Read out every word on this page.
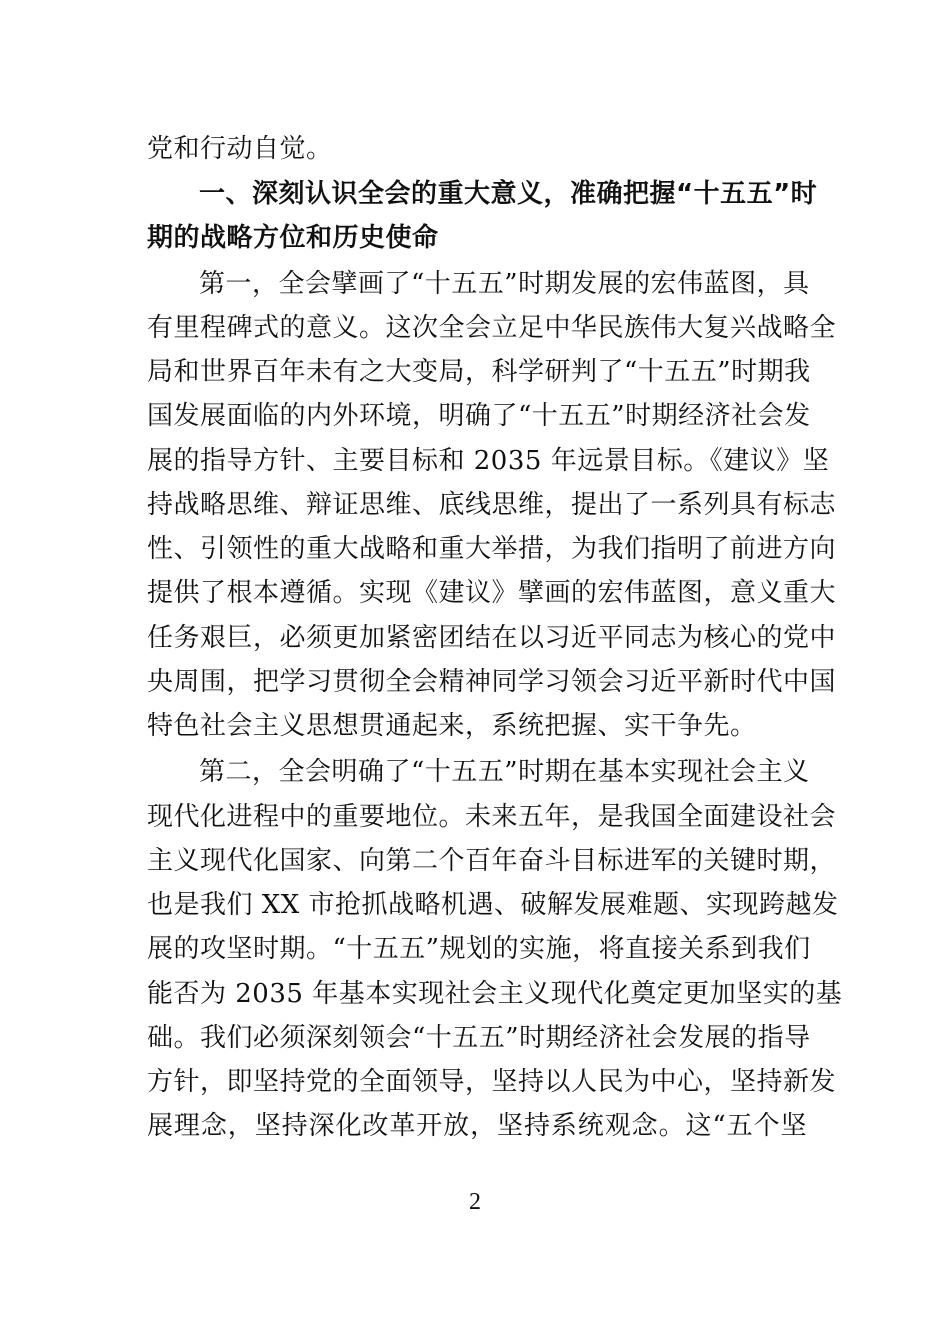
党和行动自觉。
一、深刻认识全会的重大意义，准确把握“十五五”时
期的战略方位和历史使命
第一，全会擘画了“十五五”时期发展的宏伟蓝图，具
有里程碑式的意义。这次全会立足中华民族伟大复兴战略全
局和世界百年未有之大变局，科学研判了“十五五”时期我
国发展面临的内外环境，明确了“十五五”时期经济社会发
展的指导方针、主要目标和 2035 年远景目标。《建议》坚
持战略思维、辩证思维、底线思维，提出了一系列具有标志
性、引领性的重大战略和重大举措，为我们指明了前进方向
提供了根本遵循。实现《建议》擘画的宏伟蓝图，意义重大
任务艰巨，必须更加紧密团结在以习近平同志为核心的党中
央周围，把学习贯彻全会精神同学习领会习近平新时代中国
特色社会主义思想贯通起来，系统把握、实干争先。
第二，全会明确了“十五五”时期在基本实现社会主义
现代化进程中的重要地位。未来五年，是我国全面建设社会
主义现代化国家、向第二个百年奋斗目标进军的关键时期，
也是我们 XX 市抢抓战略机遇、破解发展难题、实现跨越发
展的攻坚时期。“十五五”规划的实施，将直接关系到我们
能否为 2035 年基本实现社会主义现代化奠定更加坚实的基
础。我们必须深刻领会“十五五”时期经济社会发展的指导
方针，即坚持党的全面领导，坚持以人民为中心，坚持新发
展理念，坚持深化改革开放，坚持系统观念。这“五个坚
2
